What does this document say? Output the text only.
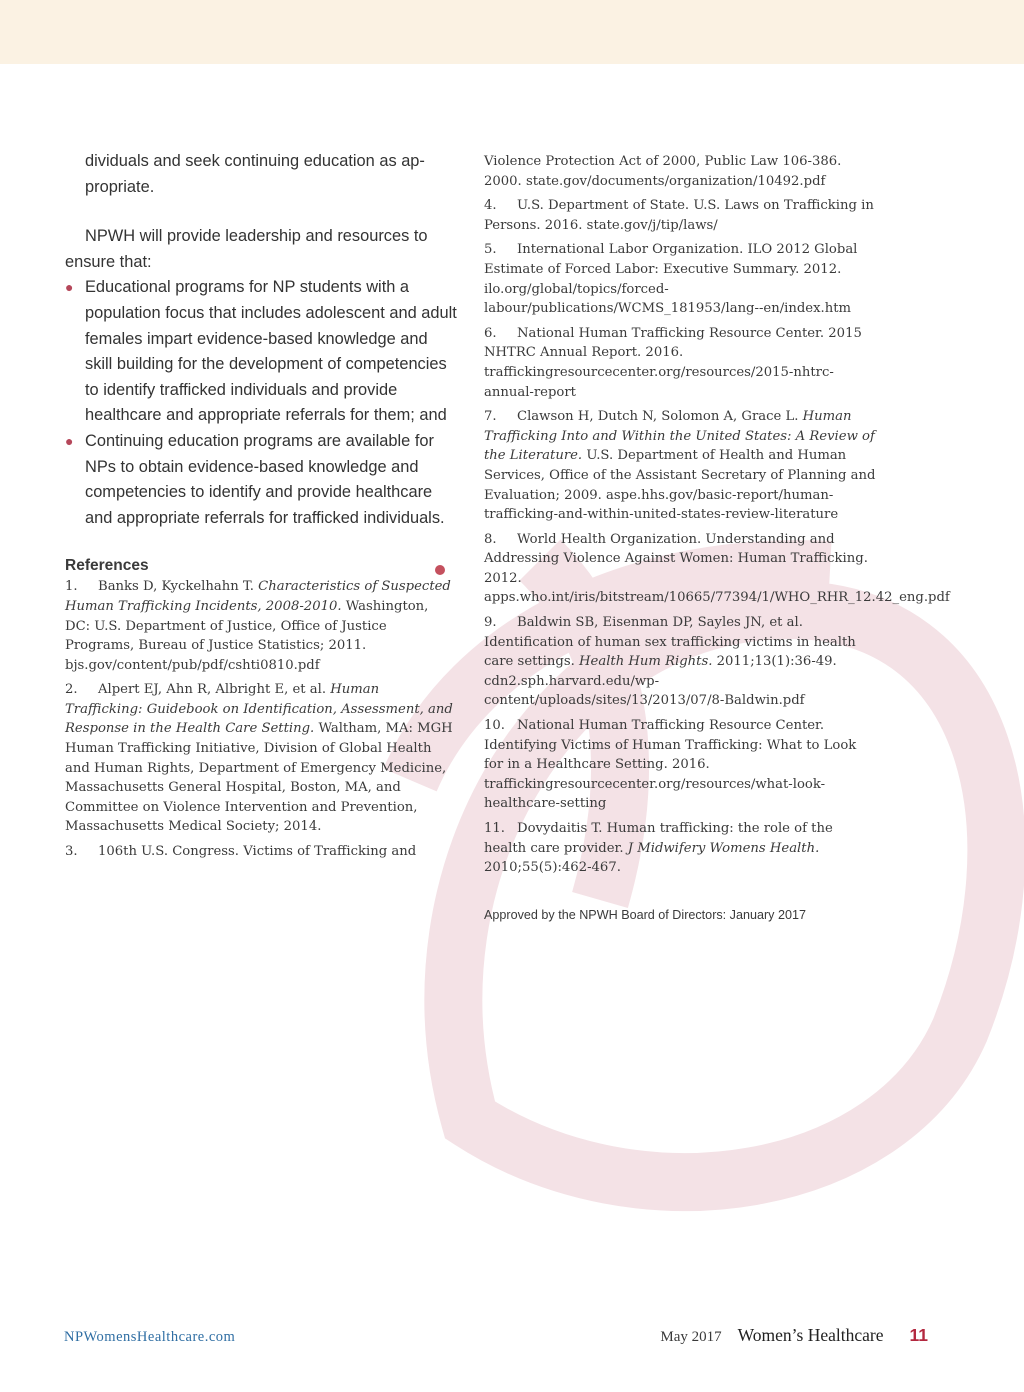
dividuals and seek continuing education as ap-
propriate.

NPWH will provide leadership and resources to ensure that:

● Educational programs for NP students with a population focus that includes adolescent and adult females impart evidence-based knowledge and skill building for the development of competencies to identify trafficked individuals and provide healthcare and appropriate referrals for them; and
● Continuing education programs are available for NPs to obtain evidence-based knowledge and competencies to identify and provide healthcare and appropriate referrals for trafficked individuals.
References

1. Banks D, Kyckelhahn T. Characteristics of Suspected Human Trafficking Incidents, 2008-2010. Washington, DC: U.S. Department of Justice, Office of Justice Programs, Bureau of Justice Statistics; 2011. bjs.gov/content/pub/pdf/cshti0810.pdf

2. Alpert EJ, Ahn R, Albright E, et al. Human Trafficking: Guidebook on Identification, Assessment, and Response in the Health Care Setting. Waltham, MA: MGH Human Trafficking Initiative, Division of Global Health and Human Rights, Department of Emergency Medicine, Massachusetts General Hospital, Boston, MA, and Committee on Violence Intervention and Prevention, Massachusetts Medical Society; 2014.

3. 106th U.S. Congress. Victims of Trafficking and

Violence Protection Act of 2000, Public Law 106-386. 2000. state.gov/documents/organization/10492.pdf

4. U.S. Department of State. U.S. Laws on Trafficking in Persons. 2016. state.gov/j/tip/laws/

5. International Labor Organization. ILO 2012 Global Estimate of Forced Labor: Executive Summary. 2012. ilo.org/global/topics/forced-labour/publications/WCMS_181953/lang--en/index.htm

6. National Human Trafficking Resource Center. 2015 NHTRC Annual Report. 2016. traffickingresourcecenter.org/resources/2015-nhtrc-annual-report

7. Clawson H, Dutch N, Solomon A, Grace L. Human Trafficking Into and Within the United States: A Review of the Literature. U.S. Department of Health and Human Services, Office of the Assistant Secretary of Planning and Evaluation; 2009. aspe.hhs.gov/basic-report/human-trafficking-and-within-united-states-review-literature

8. World Health Organization. Understanding and Addressing Violence Against Women: Human Trafficking. 2012. apps.who.int/iris/bitstream/10665/77394/1/WHO_RHR_12.42_eng.pdf

9. Baldwin SB, Eisenman DP, Sayles JN, et al. Identification of human sex trafficking victims in health care settings. Health Hum Rights. 2011;13(1):36-49. cdn2.sph.harvard.edu/wp-content/uploads/sites/13/2013/07/8-Baldwin.pdf

10. National Human Trafficking Resource Center. Identifying Victims of Human Trafficking: What to Look for in a Healthcare Setting. 2016. traffickingresourcecenter.org/resources/what-look-healthcare-setting

11. Dovydaitis T. Human trafficking: the role of the health care provider. J Midwifery Womens Health. 2010;55(5):462-467.

Approved by the NPWH Board of Directors: January 2017
NPWomensHealthcare.com	May 2017 Women’s Healthcare 11
